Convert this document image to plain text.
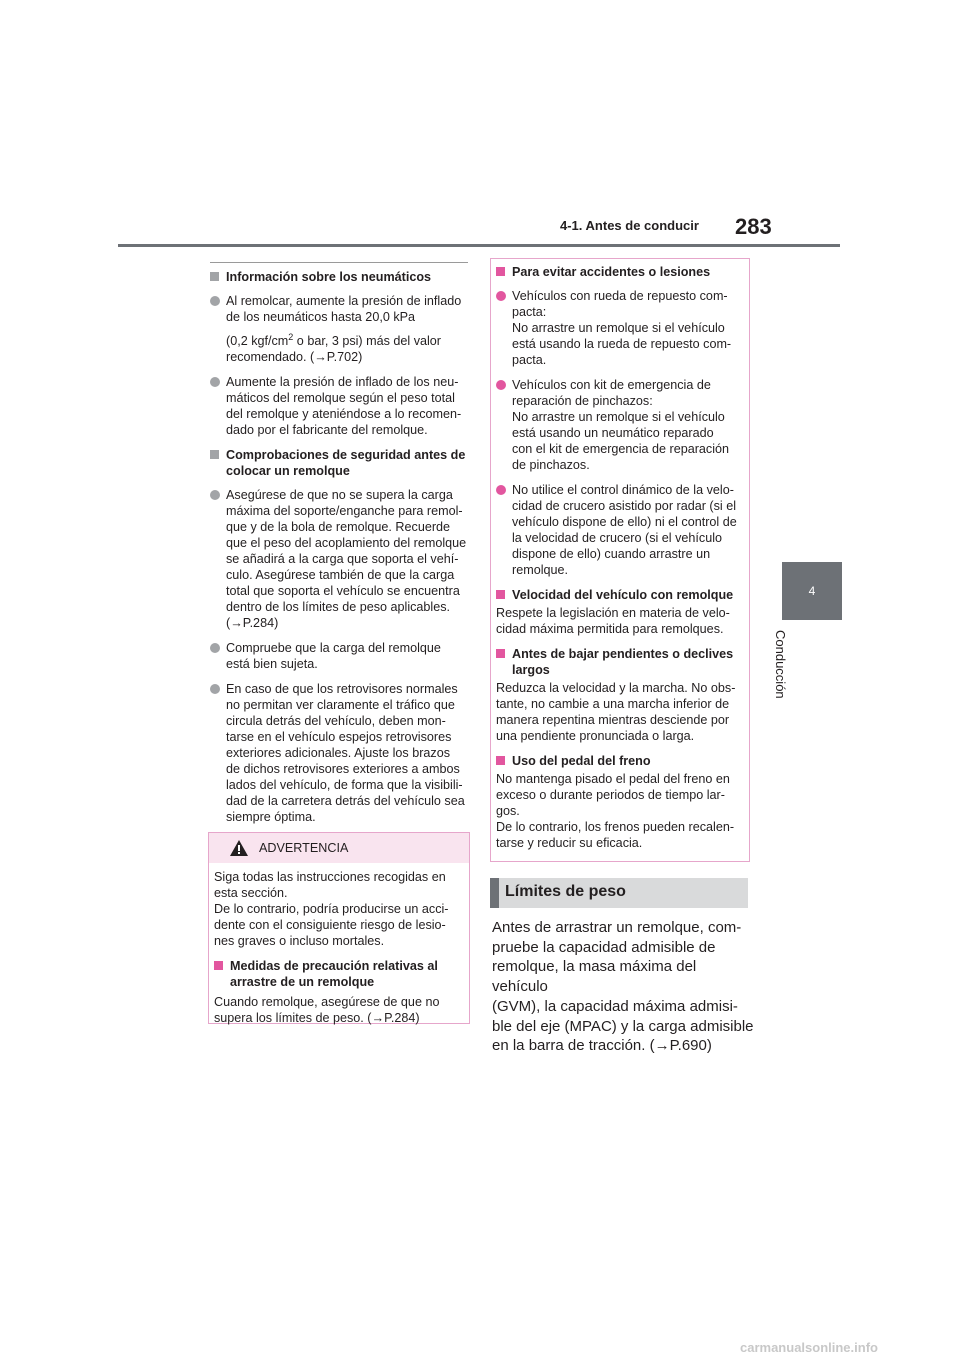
4-1. Antes de conducir 283
4
Conducción
Información sobre los neumáticos
Al remolcar, aumente la presión de inflado
de los neumáticos hasta 20,0 kPa
(0,2 kgf/$cm^2$ o bar, 3 psi) más del valor
recomendado. (→P.702)
Aumente la presión de inflado de los neu-
máticos del remolque según el peso total
del remolque y ateniéndose a lo recomen-
dado por el fabricante del remolque.
Comprobaciones de seguridad antes de
colocar un remolque
Asegúrese de que no se supera la carga
máxima del soporte/enganche para remol-
que y de la bola de remolque. Recuerde
que el peso del acoplamiento del remolque
se añadirá a la carga que soporta el vehí-
culo. Asegúrese también de que la carga
total que soporta el vehículo se encuentra
dentro de los límites de peso aplicables.
(→P.284)
Compruebe que la carga del remolque
está bien sujeta.
En caso de que los retrovisores normales
no permitan ver claramente el tráfico que
circula detrás del vehículo, deben mon-
tarse en el vehículo espejos retrovisores
exteriores adicionales. Ajuste los brazos
de dichos retrovisores exteriores a ambos
lados del vehículo, de forma que la visibili-
dad de la carretera detrás del vehículo sea
siempre óptima.
ADVERTENCIA
Siga todas las instrucciones recogidas en
esta sección.
De lo contrario, podría producirse un acci-
dente con el consiguiente riesgo de lesio-
nes graves o incluso mortales.
Medidas de precaución relativas al
arrastre de un remolque
Cuando remolque, asegúrese de que no
supera los límites de peso. (→P.284)
Para evitar accidentes o lesiones
Vehículos con rueda de repuesto com-
pacta:
No arrastre un remolque si el vehículo
está usando la rueda de repuesto com-
pacta.
Vehículos con kit de emergencia de
reparación de pinchazos:
No arrastre un remolque si el vehículo
está usando un neumático reparado
con el kit de emergencia de reparación
de pinchazos.
No utilice el control dinámico de la velo-
cidad de crucero asistido por radar (si el
vehículo dispone de ello) ni el control de
la velocidad de crucero (si el vehículo
dispone de ello) cuando arrastre un
remolque.
Velocidad del vehículo con remolque
Respete la legislación en materia de velo-
cidad máxima permitida para remolques.
Antes de bajar pendientes o declives
largos
Reduzca la velocidad y la marcha. No obs-
tante, no cambie a una marcha inferior de
manera repentina mientras desciende por
una pendiente pronunciada o larga.
Uso del pedal del freno
No mantenga pisado el pedal del freno en
exceso o durante periodos de tiempo lar-
gos.
De lo contrario, los frenos pueden recalen-
tarse y reducir su eficacia.
Límites de peso
Antes de arrastrar un remolque, com-
pruebe la capacidad admisible de
remolque, la masa máxima del vehículo
(GVM), la capacidad máxima admisi-
ble del eje (MPAC) y la carga admisible
en la barra de tracción. (→P.690)
carmanualsonline.info
